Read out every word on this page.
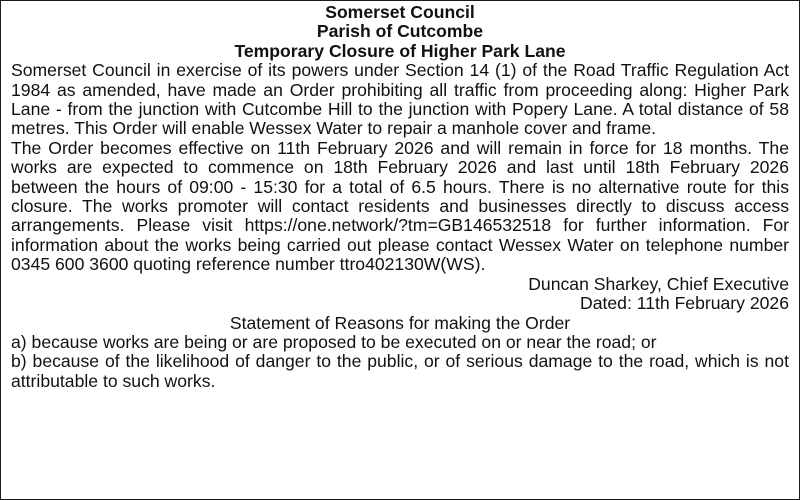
Somerset Council

Parish of Cutcombe

Temporary Closure of Higher Park Lane

Somerset Council in exercise of its powers under Section 14 (1) of the Road Traffic Regulation Act 1984 as amended, have made an Order prohibiting all traffic from proceeding along: Higher Park Lane - from the junction with Cutcombe Hill to the junction with Popery Lane. A total distance of 58 metres. This Order will enable Wessex Water to repair a manhole cover and frame.

The Order becomes effective on 11th February 2026 and will remain in force for 18 months. The works are expected to commence on 18th February 2026 and last until 18th February 2026 between the hours of 09:00 - 15:30 for a total of 6.5 hours. There is no alternative route for this closure. The works promoter will contact residents and businesses directly to discuss access arrangements. Please visit https://one.network/?tm=GB146532518 for further information. For information about the works being carried out please contact Wessex Water on telephone number 0345 600 3600 quoting reference number ttro402130W(WS).

Duncan Sharkey, Chief Executive

Dated: 11th February 2026

Statement of Reasons for making the Order

a) because works are being or are proposed to be executed on or near the road; or

b) because of the likelihood of danger to the public, or of serious damage to the road, which is not attributable to such works.
